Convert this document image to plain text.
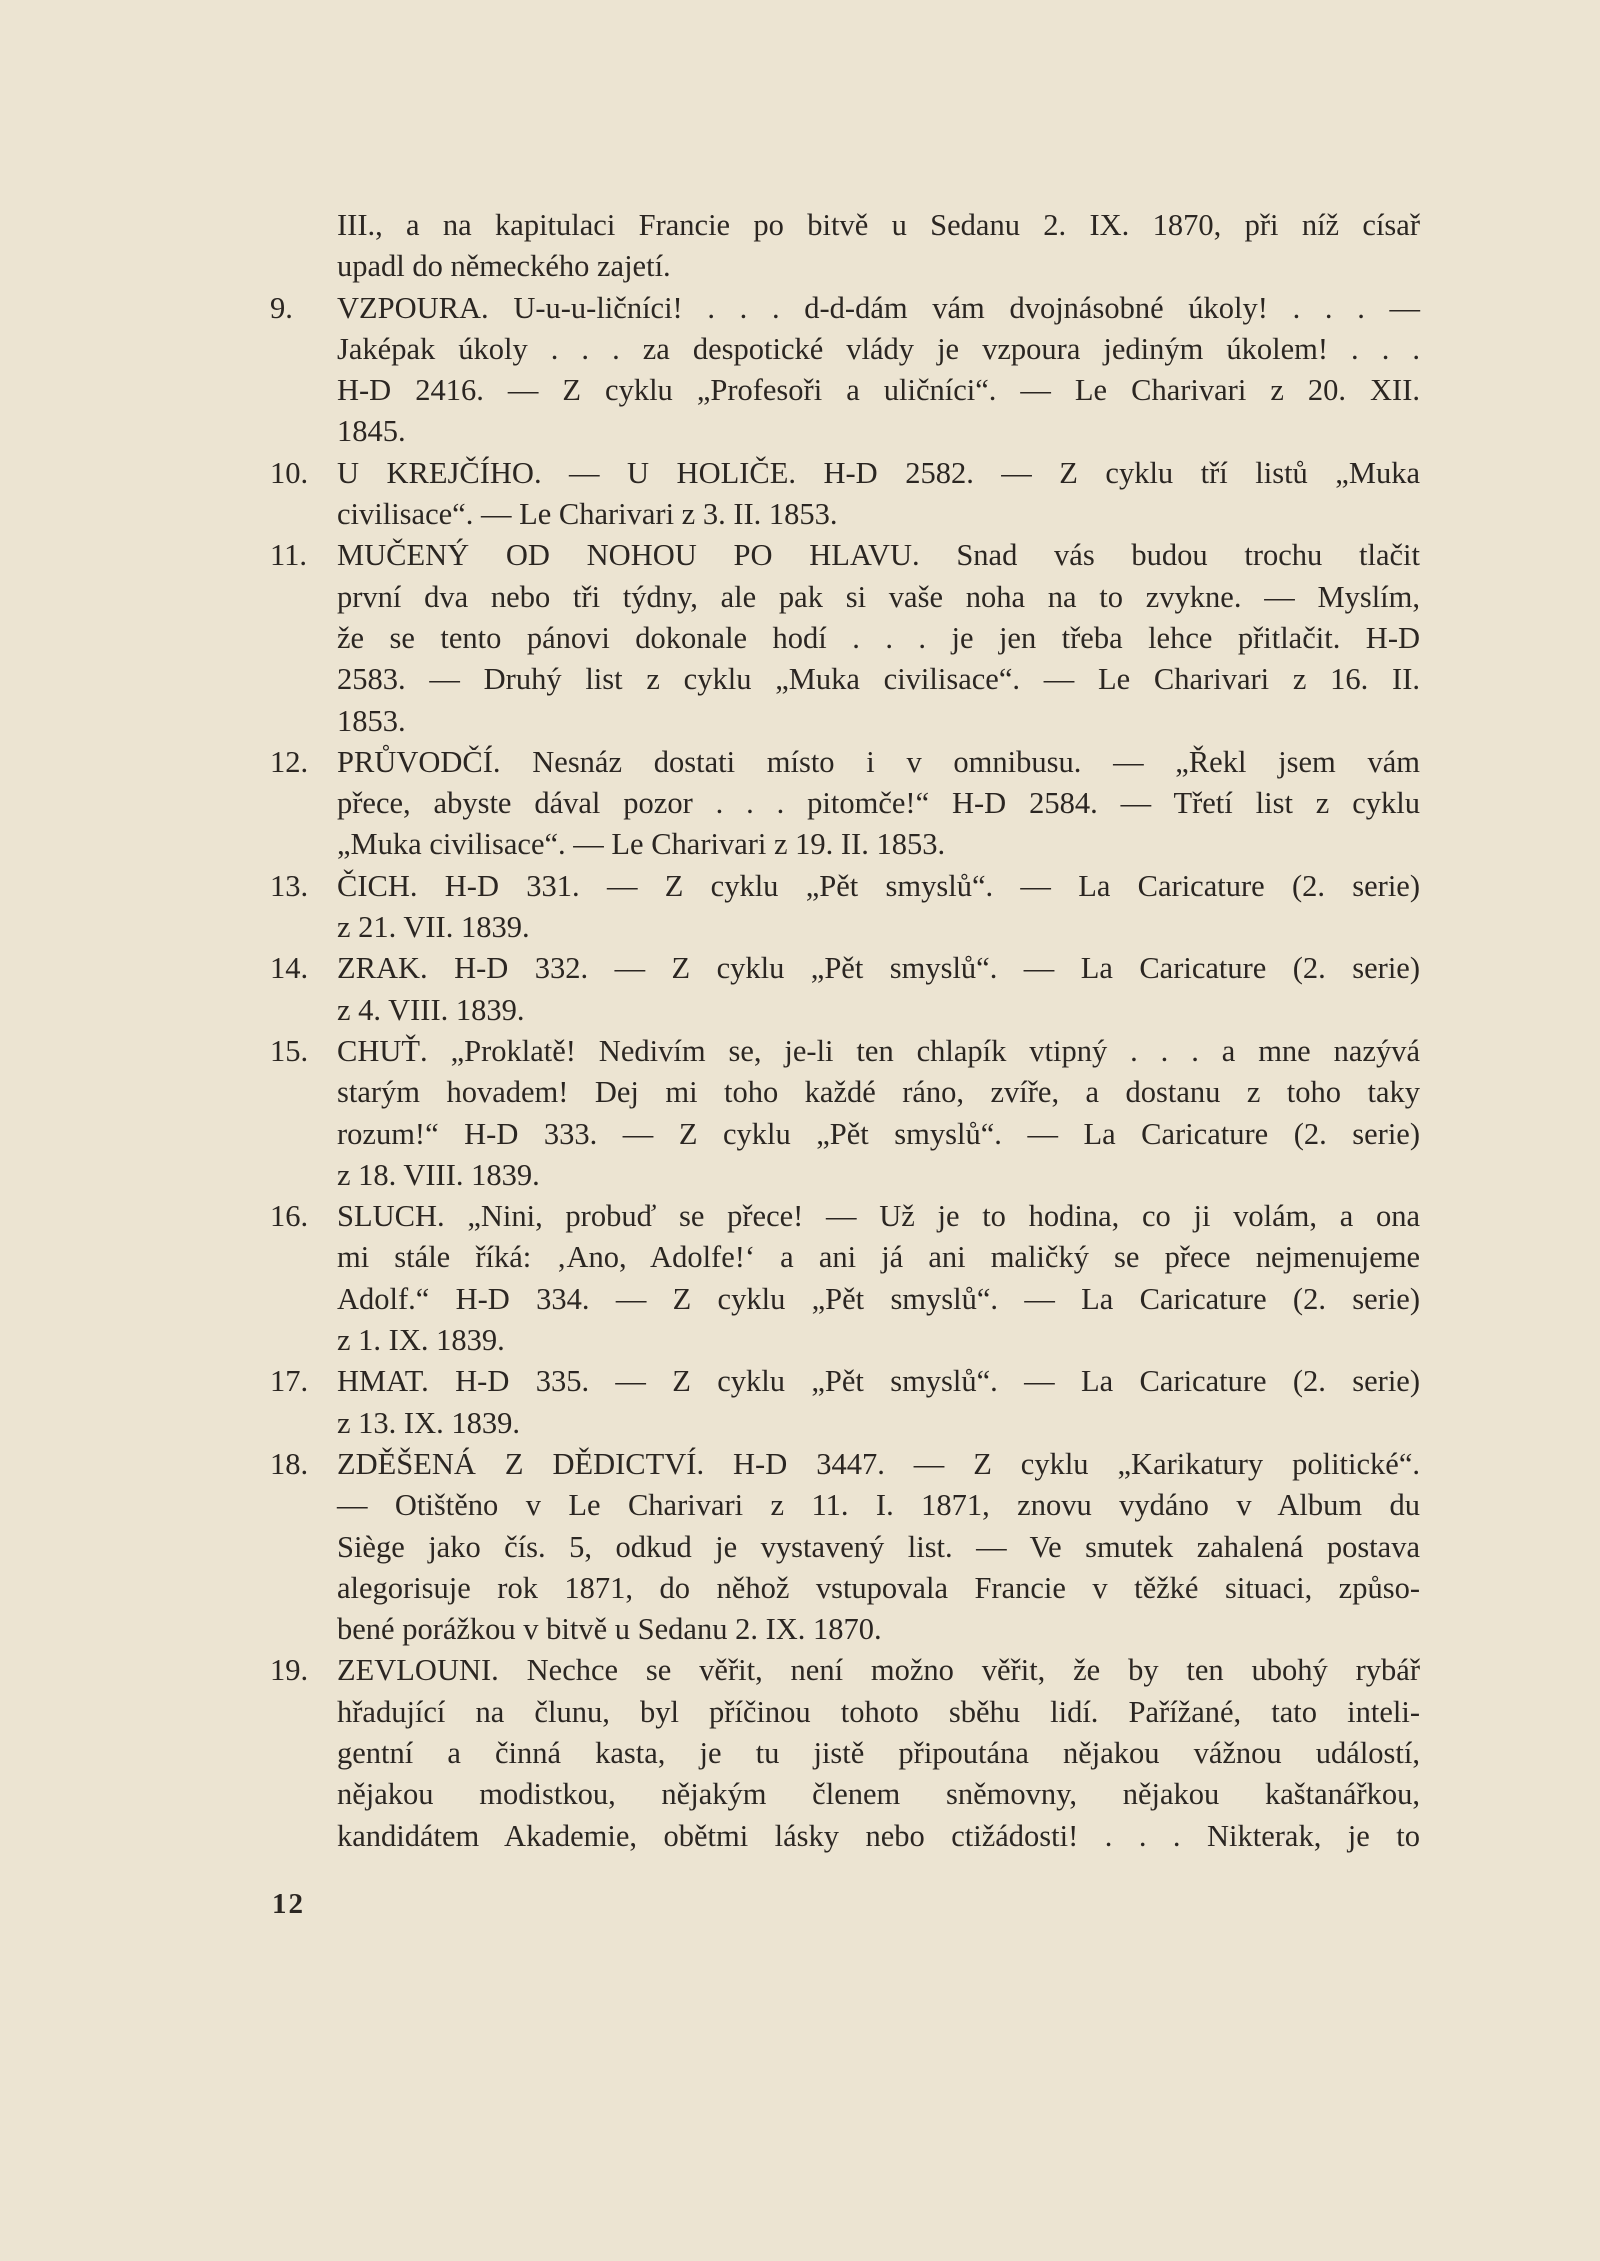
III., a na kapitulaci Francie po bitvě u Sedanu 2. IX. 1870, při níž císař
upadl do německého zajetí.
9.	VZPOURA. U-u-u-ličníci! . . . d-d-dám vám dvojnásobné úkoly! . . . —
Jaképak úkoly . . . za despotické vlády je vzpoura jediným úkolem! . . .
H-D 2416. — Z cyklu „Profesoři a uličníci“. — Le Charivari z 20. XII.
1845.
10. U KREJČÍHO. — U HOLIČE. H-D 2582. — Z cyklu tří listů „Muka
civilisace“. — Le Charivari z 3. II. 1853.
11. MUČENÝ OD NOHOU PO HLAVU. Snad vás budou trochu tlačit
první dva nebo tři týdny, ale pak si vaše noha na to zvykne. — Myslím,
že se tento pánovi dokonale hodí . . . je jen třeba lehce přitlačit. H-D
2583. — Druhý list z cyklu „Muka civilisace“. — Le Charivari z 16. II.
1853.
12. PRŮVODČÍ. Nesnáz dostati místo i v omnibusu. — „Řekl jsem vám
přece, abyste dával pozor . . . pitomče!“ H-D 2584. — Třetí list z cyklu
„Muka civilisace“. — Le Charivari z 19. II. 1853.
13. ČICH. H-D 331. — Z cyklu „Pět smyslů“. — La Caricature (2. serie)
z 21. VII. 1839.
14. ZRAK. H-D 332. — Z cyklu „Pět smyslů“. — La Caricature (2. serie)
z 4. VIII. 1839.
15. CHUŤ. „Proklatě! Nedivím se, je-li ten chlapík vtipný . . . a mne nazývá
starým hovadem! Dej mi toho každé ráno, zvíře, a dostanu z toho taky
rozum!“ H-D 333. — Z cyklu „Pět smyslů“. — La Caricature (2. serie)
z 18. VIII. 1839.
16. SLUCH. „Nini, probuď se přece! — Už je to hodina, co ji volám, a ona
mi stále říká: ‚Ano, Adolfe!‘ a ani já ani maličký se přece nejmenujeme
Adolf.“ H-D 334. — Z cyklu „Pět smyslů“. — La Caricature (2. serie)
z 1. IX. 1839.
17. HMAT. H-D 335. — Z cyklu „Pět smyslů“. — La Caricature (2. serie)
z 13. IX. 1839.
18. ZDĚŠENÁ Z DĚDICTVÍ. H-D 3447. — Z cyklu „Karikatury politické“.
— Otištěno v Le Charivari z 11. I. 1871, znovu vydáno v Album du
Siège jako čís. 5, odkud je vystavený list. — Ve smutek zahalená postava
alegorisuje rok 1871, do něhož vstupovala Francie v těžké situaci, způso-
bené porážkou v bitvě u Sedanu 2. IX. 1870.
19. ZEVLOUNI. Nechce se věřit, není možno věřit, že by ten ubohý rybář
hřadující na člunu, byl příčinou tohoto sběhu lidí. Pařížané, tato inteli-
gentní a činná kasta, je tu jistě připoutána nějakou vážnou událostí,
nějakou modistkou, nějakým členem sněmovny, nějakou kaštanářkou,
kandidátem Akademie, obětmi lásky nebo ctižádosti! . . . Nikterak, je to
12
